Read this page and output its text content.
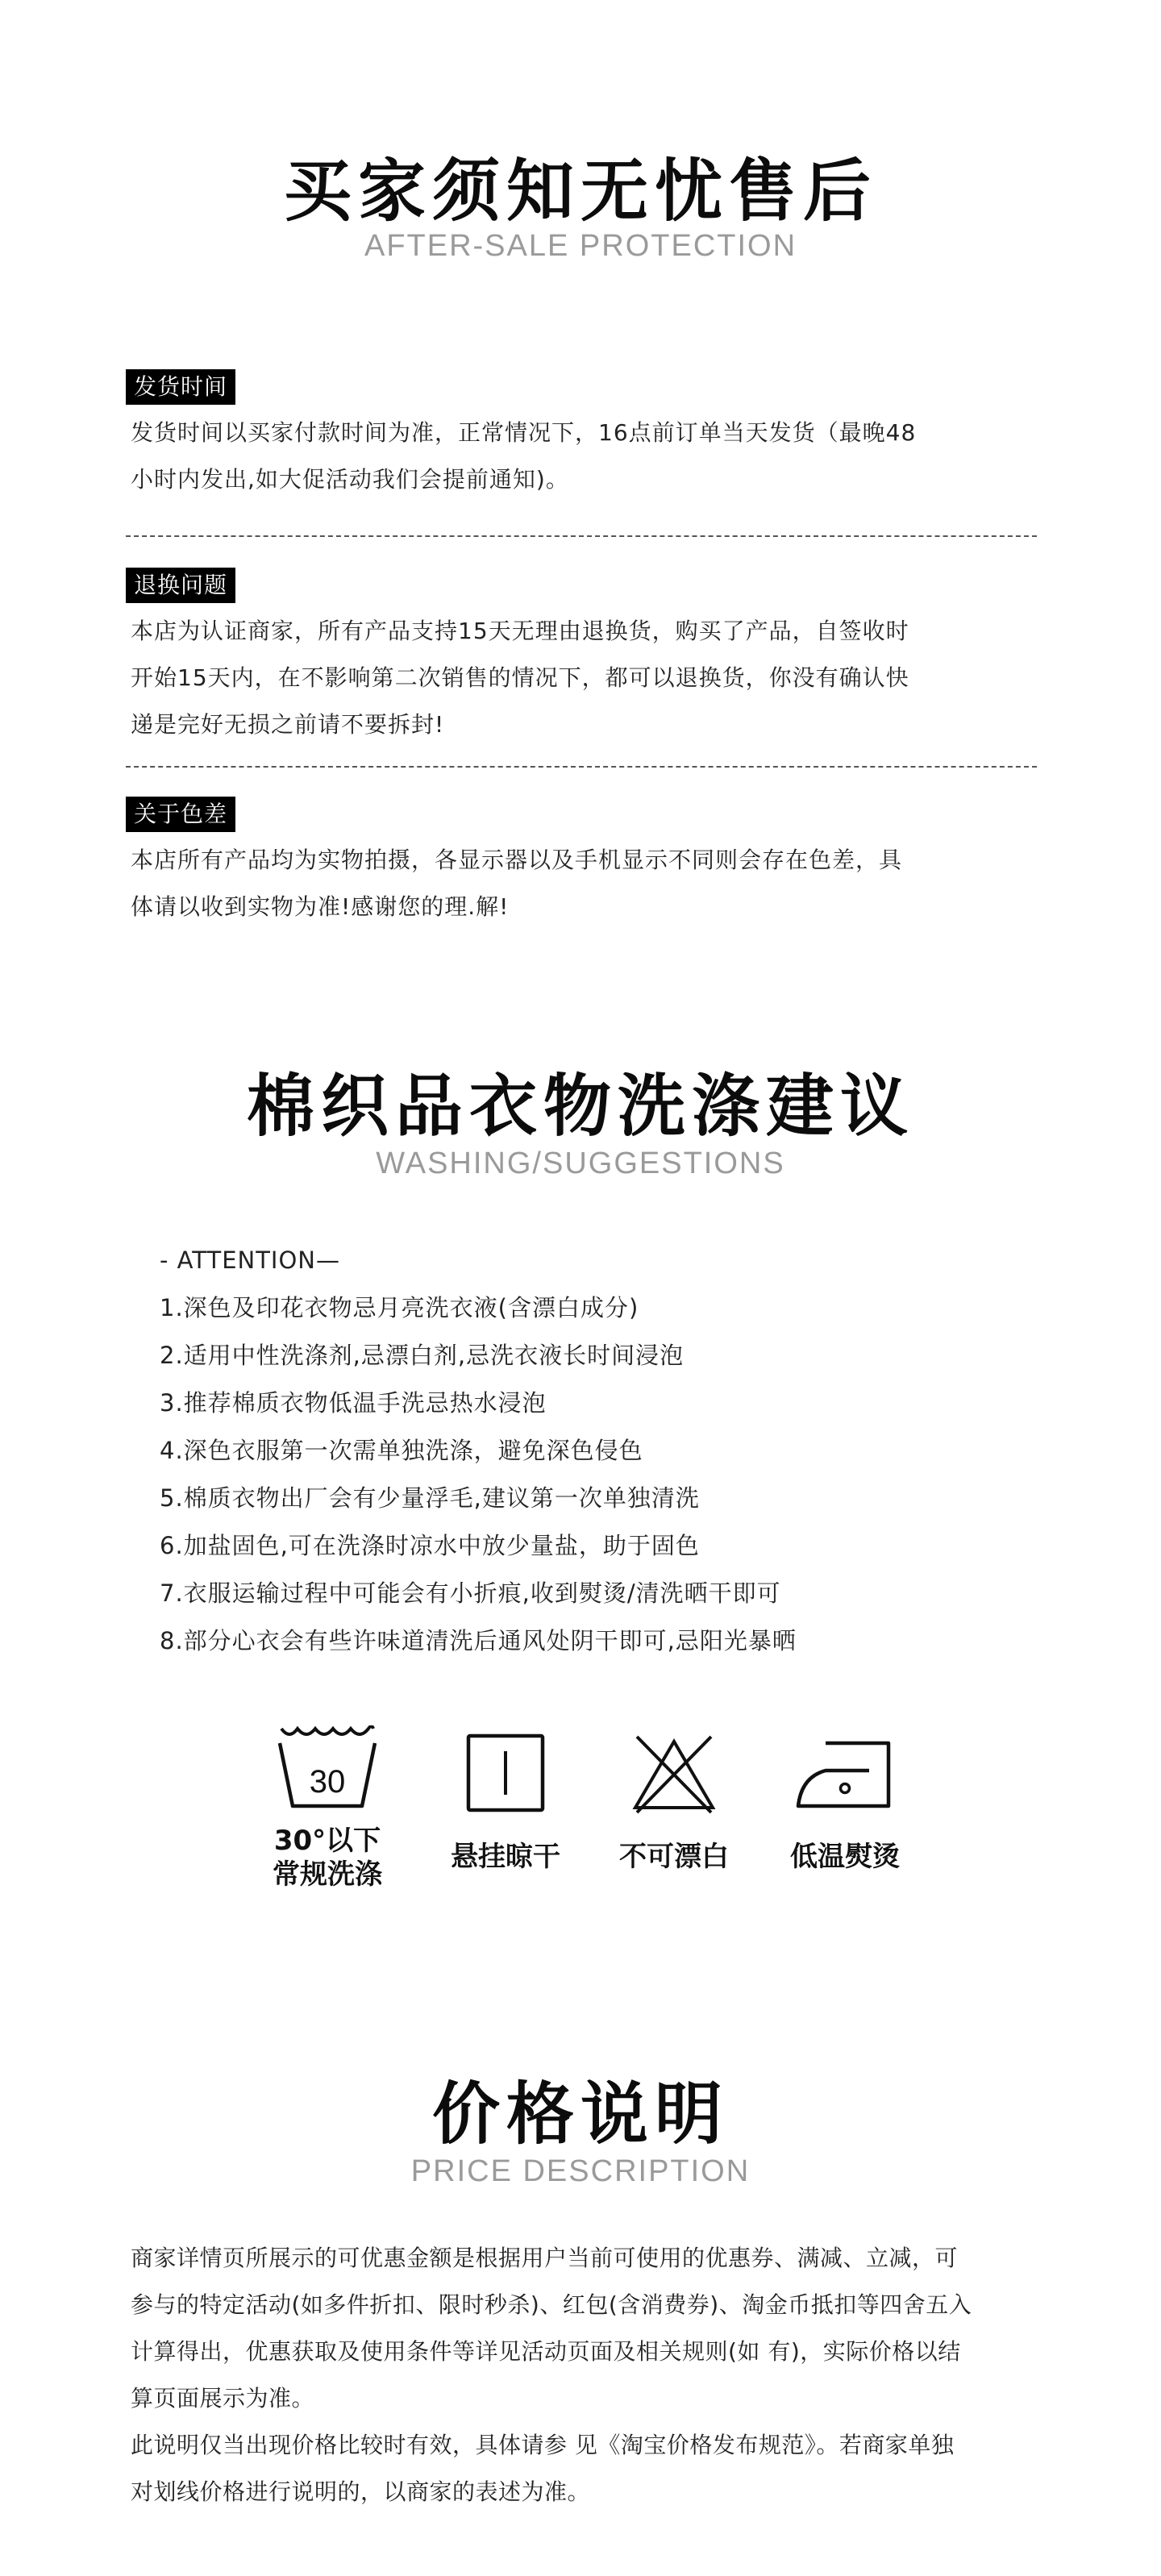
买家须知无忧售后
AFTER-SALE PROTECTION
发货时间
发货时间以买家付款时间为准，正常情况下，16点前订单当天发货（最晚48
小时内发出,如大促活动我们会提前通知)。
退换问题
本店为认证商家，所有产品支持15天无理由退换货，购买了产品，自签收时
开始15天内，在不影响第二次销售的情况下，都可以退换货，你没有确认快
递是完好无损之前请不要拆封!
关于色差
本店所有产品均为实物拍摄，各显示器以及手机显示不同则会存在色差，具
体请以收到实物为准!感谢您的理.解!
棉织品衣物洗涤建议
WASHING/SUGGESTIONS
- ATTENTION—
1.深色及印花衣物忌月亮洗衣液(含漂白成分)
2.适用中性洗涤剂,忌漂白剂,忌洗衣液长时间浸泡
3.推荐棉质衣物低温手洗忌热水浸泡
4.深色衣服第一次需单独洗涤，避免深色侵色
5.棉质衣物出厂会有少量浮毛,建议第一次单独清洗
6.加盐固色,可在洗涤时凉水中放少量盐，助于固色
7.衣服运输过程中可能会有小折痕,收到熨烫/清洗晒干即可
8.部分心衣会有些许味道清洗后通风处阴干即可,忌阳光暴晒
30
30°以下
常规洗涤
悬挂晾干	不可漂白	低温熨烫
价格说明
PRICE DESCRIPTION
商家详情页所展示的可优惠金额是根据用户当前可使用的优惠券、满减、立减，可
参与的特定活动(如多件折扣、限时秒杀)、红包(含消费券)、淘金币抵扣等四舍五入
计算得出，优惠获取及使用条件等详见活动页面及相关规则(如 有)，实际价格以结
算页面展示为准。
此说明仅当出现价格比较时有效，具体请参 见《淘宝价格发布规范》。若商家单独
对划线价格进行说明的，以商家的表述为准。
